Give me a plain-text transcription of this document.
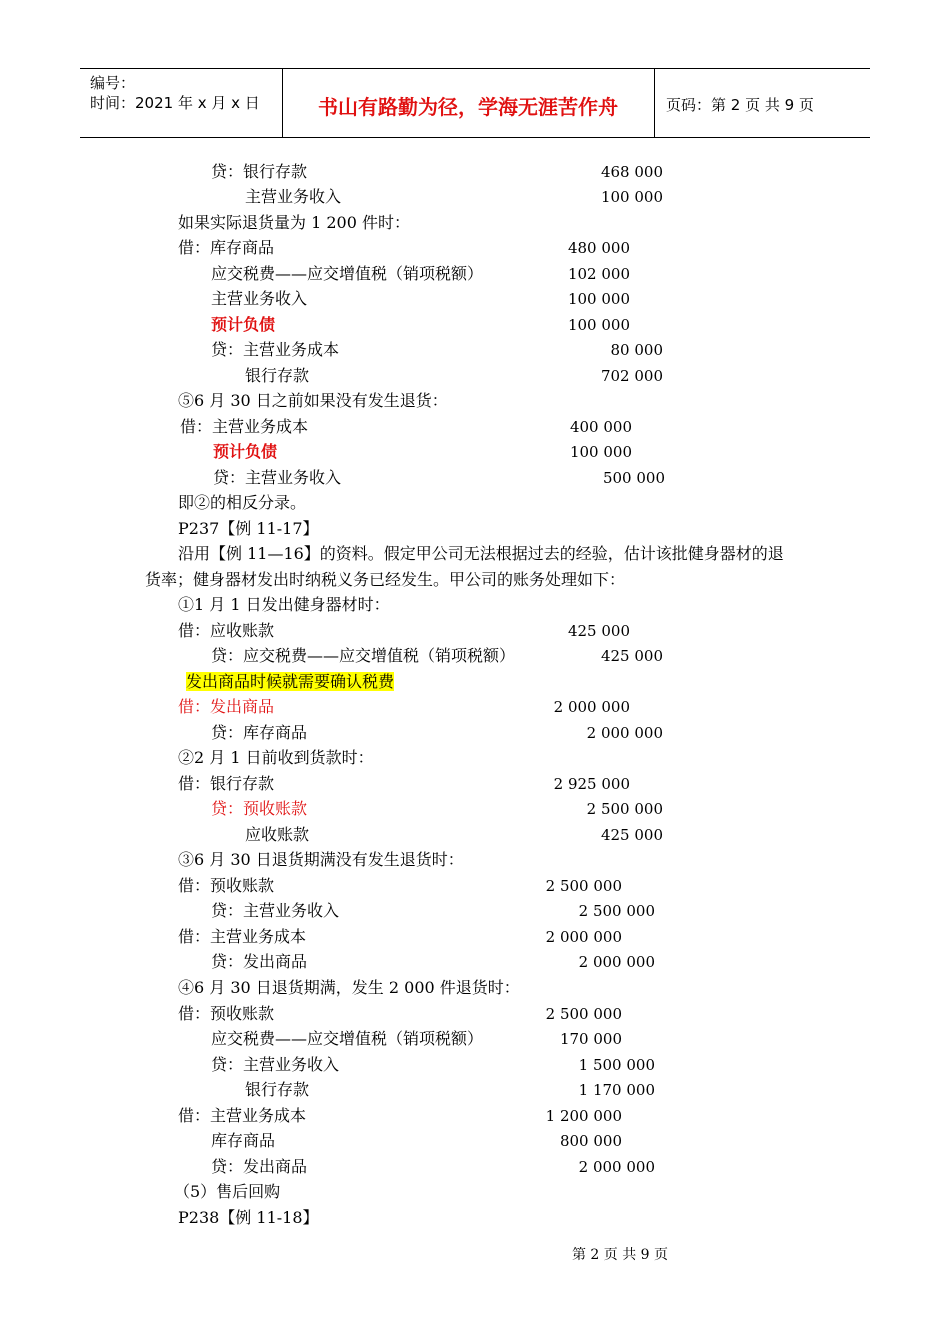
编号：
时间：2021 年 x 月 x 日	书山有路勤为径，学海无涯苦作舟	页码：第 2 页 共 9 页
贷：银行存款	468 000
主营业务收入	100 000
如果实际退货量为 1 200 件时：
借：库存商品	480 000
应交税费——应交增值税（销项税额）	102 000
主营业务收入	100 000
预计负债	100 000
贷：主营业务成本	80 000
银行存款	702 000
⑤6 月 30 日之前如果没有发生退货：
借：主营业务成本	400 000
预计负债	100 000
贷：主营业务收入	500 000
即②的相反分录。
P237【例 11-17】
沿用【例 11—16】的资料。假定甲公司无法根据过去的经验，估计该批健身器材的退
货率；健身器材发出时纳税义务已经发生。甲公司的账务处理如下：
①1 月 1 日发出健身器材时：
借：应收账款	425 000
贷：应交税费——应交增值税（销项税额）	425 000
发出商品时候就需要确认税费
借：发出商品	2 000 000
贷：库存商品	2 000 000
②2 月 1 日前收到货款时：
借：银行存款	2 925 000
贷：预收账款	2 500 000
应收账款	425 000
③6 月 30 日退货期满没有发生退货时：
借：预收账款	2 500 000
贷：主营业务收入	2 500 000
借：主营业务成本	2 000 000
贷：发出商品	2 000 000
④6 月 30 日退货期满，发生 2 000 件退货时：
借：预收账款	2 500 000
应交税费——应交增值税（销项税额）	170 000
贷：主营业务收入	1 500 000
银行存款	1 170 000
借：主营业务成本	1 200 000
库存商品	800 000
贷：发出商品	2 000 000
（5）售后回购
P238【例 11-18】
第 2 页 共 9 页
